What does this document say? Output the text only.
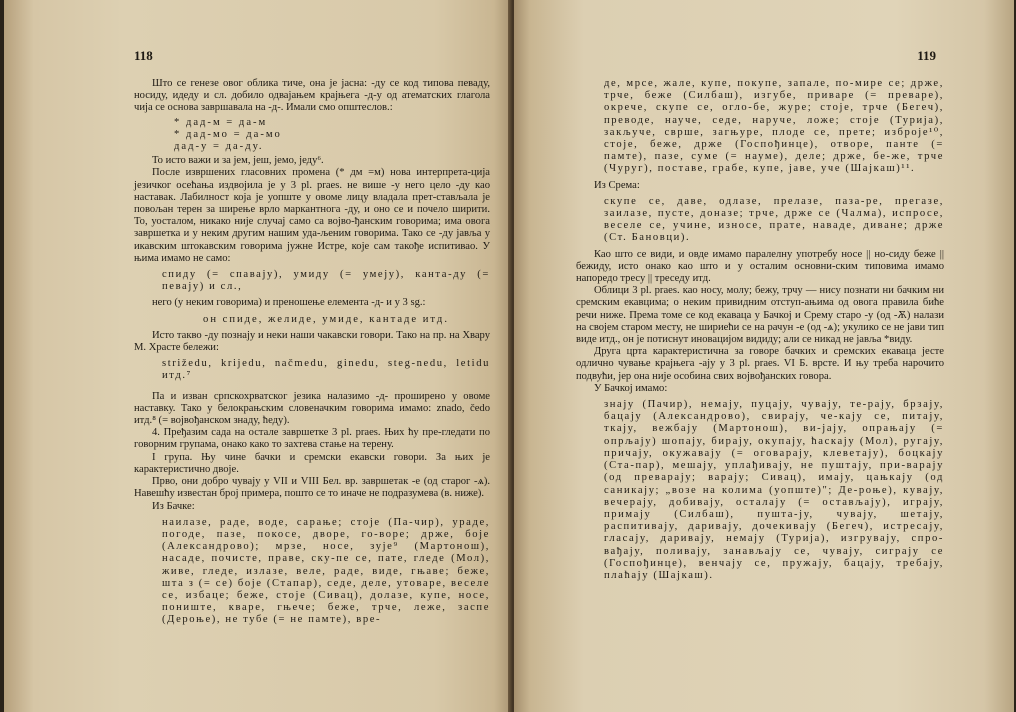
118

Што се генезе овог облика тиче, она је јасна: -ду се код типова певаду, носиду, идеду и сл. добило одвајањем крајњега -д-у од атематских глагола чија се основа завршавала на -д-. Имали смо општеслов.:

* дад-м = да-м
* дад-мо = да-мо
дад-у = да-ду.

То исто важи и за јем, јеш, јемо, једу⁶.

После извршених гласовних промена (* дм =м) нова интерпрета-ција језичког осећања издвојила је у 3 pl. praes. не више -у него цело -ду као наставак. Лабилност која је уопште у овоме лицу владала прет-стављала је повољан терен за ширење врло маркантнога -ду, и оно се и почело ширити. То, уосталом, никако није случај само са војво-ђанским говорима; има овога завршетка и у неким другим нашим уда-љеним говорима. Тако се -ду јавља у икавским штокавским говорима јужне Истре, које сам такође испитивао. У њима имамо не само:

спиду (= спавају), умиду (= умеју), канта-ду (= певају) и сл.,

него (у неким говорима) и преношење елемента -д- и у 3 sg.:

он спиде, желиде, умиде, кантаде итд.

Исто такво -ду познају и неки наши чакавски говори. Тако на пр. на Хвару М. Храсте бележи:

strižedu, krijedu, načmedu, ginedu, steg-nedu, letidu итд.⁷

Па и изван српскохрватског језика налазимо -д- проширено у овоме наставку. Тако у белокрањским словеначким говорима имамо: znado, čedo итд.⁸ (= војвођанском знаду, ћеду).

4. Пређазим сада на остале завршетке 3 pl. praes. Њих ћу пре-гледати по говорним групама, онако како то захтева стање на терену.

I група. Њу чине бачки и сремски екавски говори. За њих је карактеристично двоје.

Прво, они добро чувају у VII и VIII Бел. вр. завршетак -е (од старог -ѧ). Навешћу известан број примера, пошто се то иначе не подразумева (в. ниже).

Из Бачке:

наилазе, раде, воде, сарање; стоје (Па-чир), ураде, погоде, пазе, покосе, дворе, го-воре; држе, боје (Александрово); мрзе, носе, зује⁹ (Мартонош), насаде, почисте, праве, ску-пе се, пате, гледе (Мол), живе, гледе, излазе, веле, раде, виде, гњаве; беже, шта з (= се) боје (Стапар), седе, деле, утоваре, веселе се, избаце; беже, стоје (Сивац), долазе, купе, носе, пониште, кваре, гњече; беже, трче, леже, заспе (Дероње), не тубе (= не памте), вре-
119
де, мрсе, жале, купе, покупе, запале, по-мире се; држе, трче, беже (Силбаш), изгубе, приваре (= преваре), окрече, скупе се, огло-бе, журе; стоје, трче (Бегеч), преводе, научe, седе, наруче, ложе; стоје (Турија), закључе, сврше, загњуре, плоде се, прете; изброје¹⁰, стоје, беже, држе (Госпођинце), отворе, панте (= памте), пазе, суме (= науме), деле; држе, бе-же, трче (Чуруг), поставе, грабе, купе, јаве, уче (Шајкаш)¹¹.

Из Срема:

скупе се, даве, одлазе, прелазе, паза-ре, прегазе, заилазе, пусте, доназе; трче, држе се (Чалма), испросе, веселе се, учине, износе, прате, наваде, диване; држе (Ст. Бановци).

Као што се види, и овде имамо паралелну употребу носе || но-сиду беже || бежиду, исто онако као што и у осталим основни-ским типовима имамо напоредо тресу || треседу итд.

Облици 3 pl. praes. као носу, молу; бежу, трчу — нису познати ни бачким ни сремским екавцима; о неким привидним отступ-ањима од овога правила биће речи ниже. Према томе се код екаваца у Бачкој и Срему старо -у (од -Ѫ) налази на својем старом месту, не шириећи се на рачун -е (од -ѧ); укулико се не јави тип виде итд., он је потиснут иновацијом видиду; али се никад не јавља *виду.

Друга црта карактеристична за говоре бачких и сремских екаваца јесте одлично чување крајњега -ају у 3 pl. praes. VI Б. врсте. И њу треба нарочито подвући, јер она није особина свих војвођанских говора.

У Бачкој имамо:

знају (Пачир), немају, пуцају, чувају, те-рају, брзају, бацају (Александрово), свирају, че-кају се, питају, ткају, вежбају (Мартонош), ви-јају, опрањају (= опрљају) шопају, бирају, окупају, ћаскају (Мол), ругају, причају, окужавају (= оговарају, клеветају), боцкају (Ста-пар), мешају, уплађивају, не пуштају, при-варају (од преварају; варају; Сивац), имају, цањкају (од саникају; „возе на колима (уопште)"; Де-роње), кувају, вечерају, добивају, осталају (= остављају), играју, примају (Силбаш), пушта-ју, чувају, шетају, распитивају, даривају, дочекивају (Бегеч), истресају, гласају, даривају, немају (Турија), изгрувају, спро-вађају, поливају, занављају се, чувају, сиграју се (Госпођинце), венчају се, пружају, бацају, требају, плаћају (Шајкаш).
